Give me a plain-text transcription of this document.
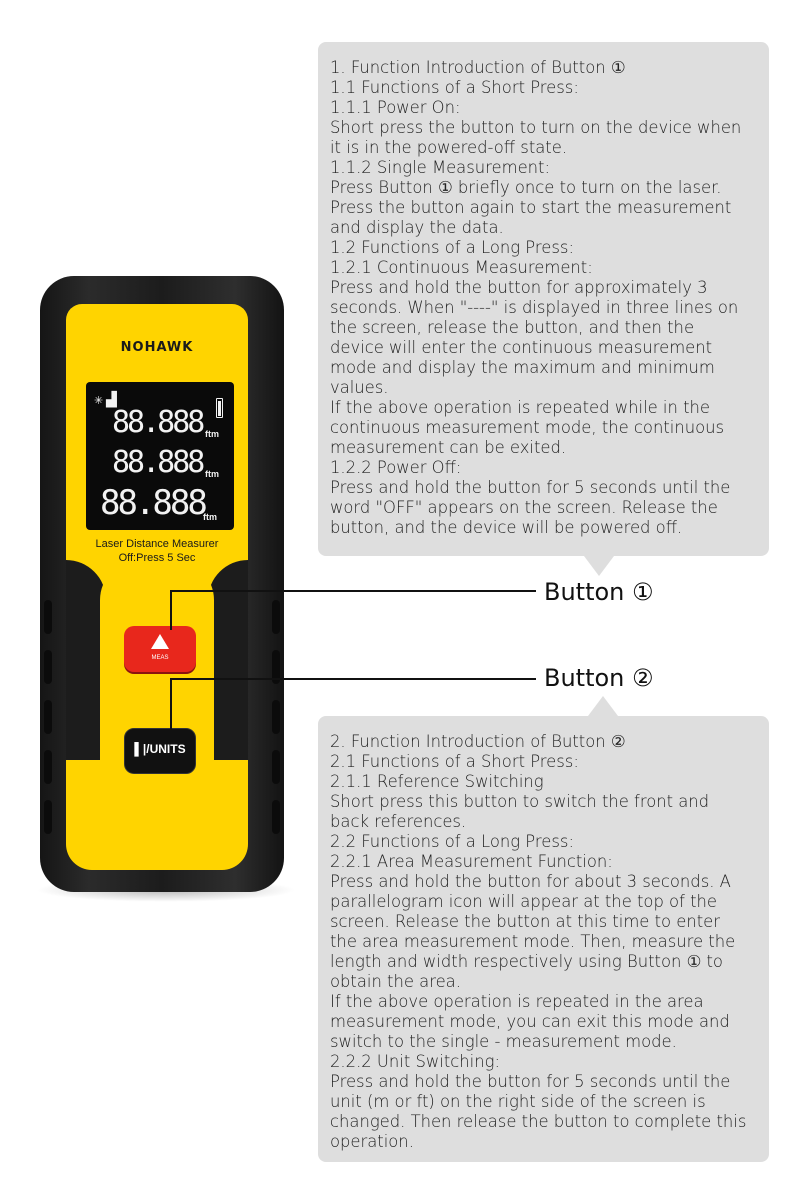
NOHAWK
✳ ▟
88.888 ftm
88.888 ftm
88.888
ftm
Laser Distance Measurer
Off:Press 5 Sec
MEAS
▌|/UNITS
Button ①
Button ②
1. Function Introduction of Button ①
1.1 Functions of a Short Press:
1.1.1 Power On:
Short press the button to turn on the device when
it is in the powered-off state.
1.1.2 Single Measurement:
Press Button ① briefly once to turn on the laser.
Press the button again to start the measurement
and display the data.
1.2 Functions of a Long Press:
1.2.1 Continuous Measurement:
Press and hold the button for approximately 3
seconds. When "----" is displayed in three lines on
the screen, release the button, and then the
device will enter the continuous measurement
mode and display the maximum and minimum
values.
If the above operation is repeated while in the
continuous measurement mode, the continuous
measurement can be exited.
1.2.2 Power Off:
Press and hold the button for 5 seconds until the
word "OFF" appears on the screen. Release the
button, and the device will be powered off.
2. Function Introduction of Button ②
2.1 Functions of a Short Press:
2.1.1 Reference Switching
Short press this button to switch the front and
back references.
2.2 Functions of a Long Press:
2.2.1 Area Measurement Function:
Press and hold the button for about 3 seconds. A
parallelogram icon will appear at the top of the
screen. Release the button at this time to enter
the area measurement mode. Then, measure the
length and width respectively using Button ① to
obtain the area.
If the above operation is repeated in the area
measurement mode, you can exit this mode and
switch to the single - measurement mode.
2.2.2 Unit Switching:
Press and hold the button for 5 seconds until the
unit (m or ft) on the right side of the screen is
changed. Then release the button to complete this
operation.
